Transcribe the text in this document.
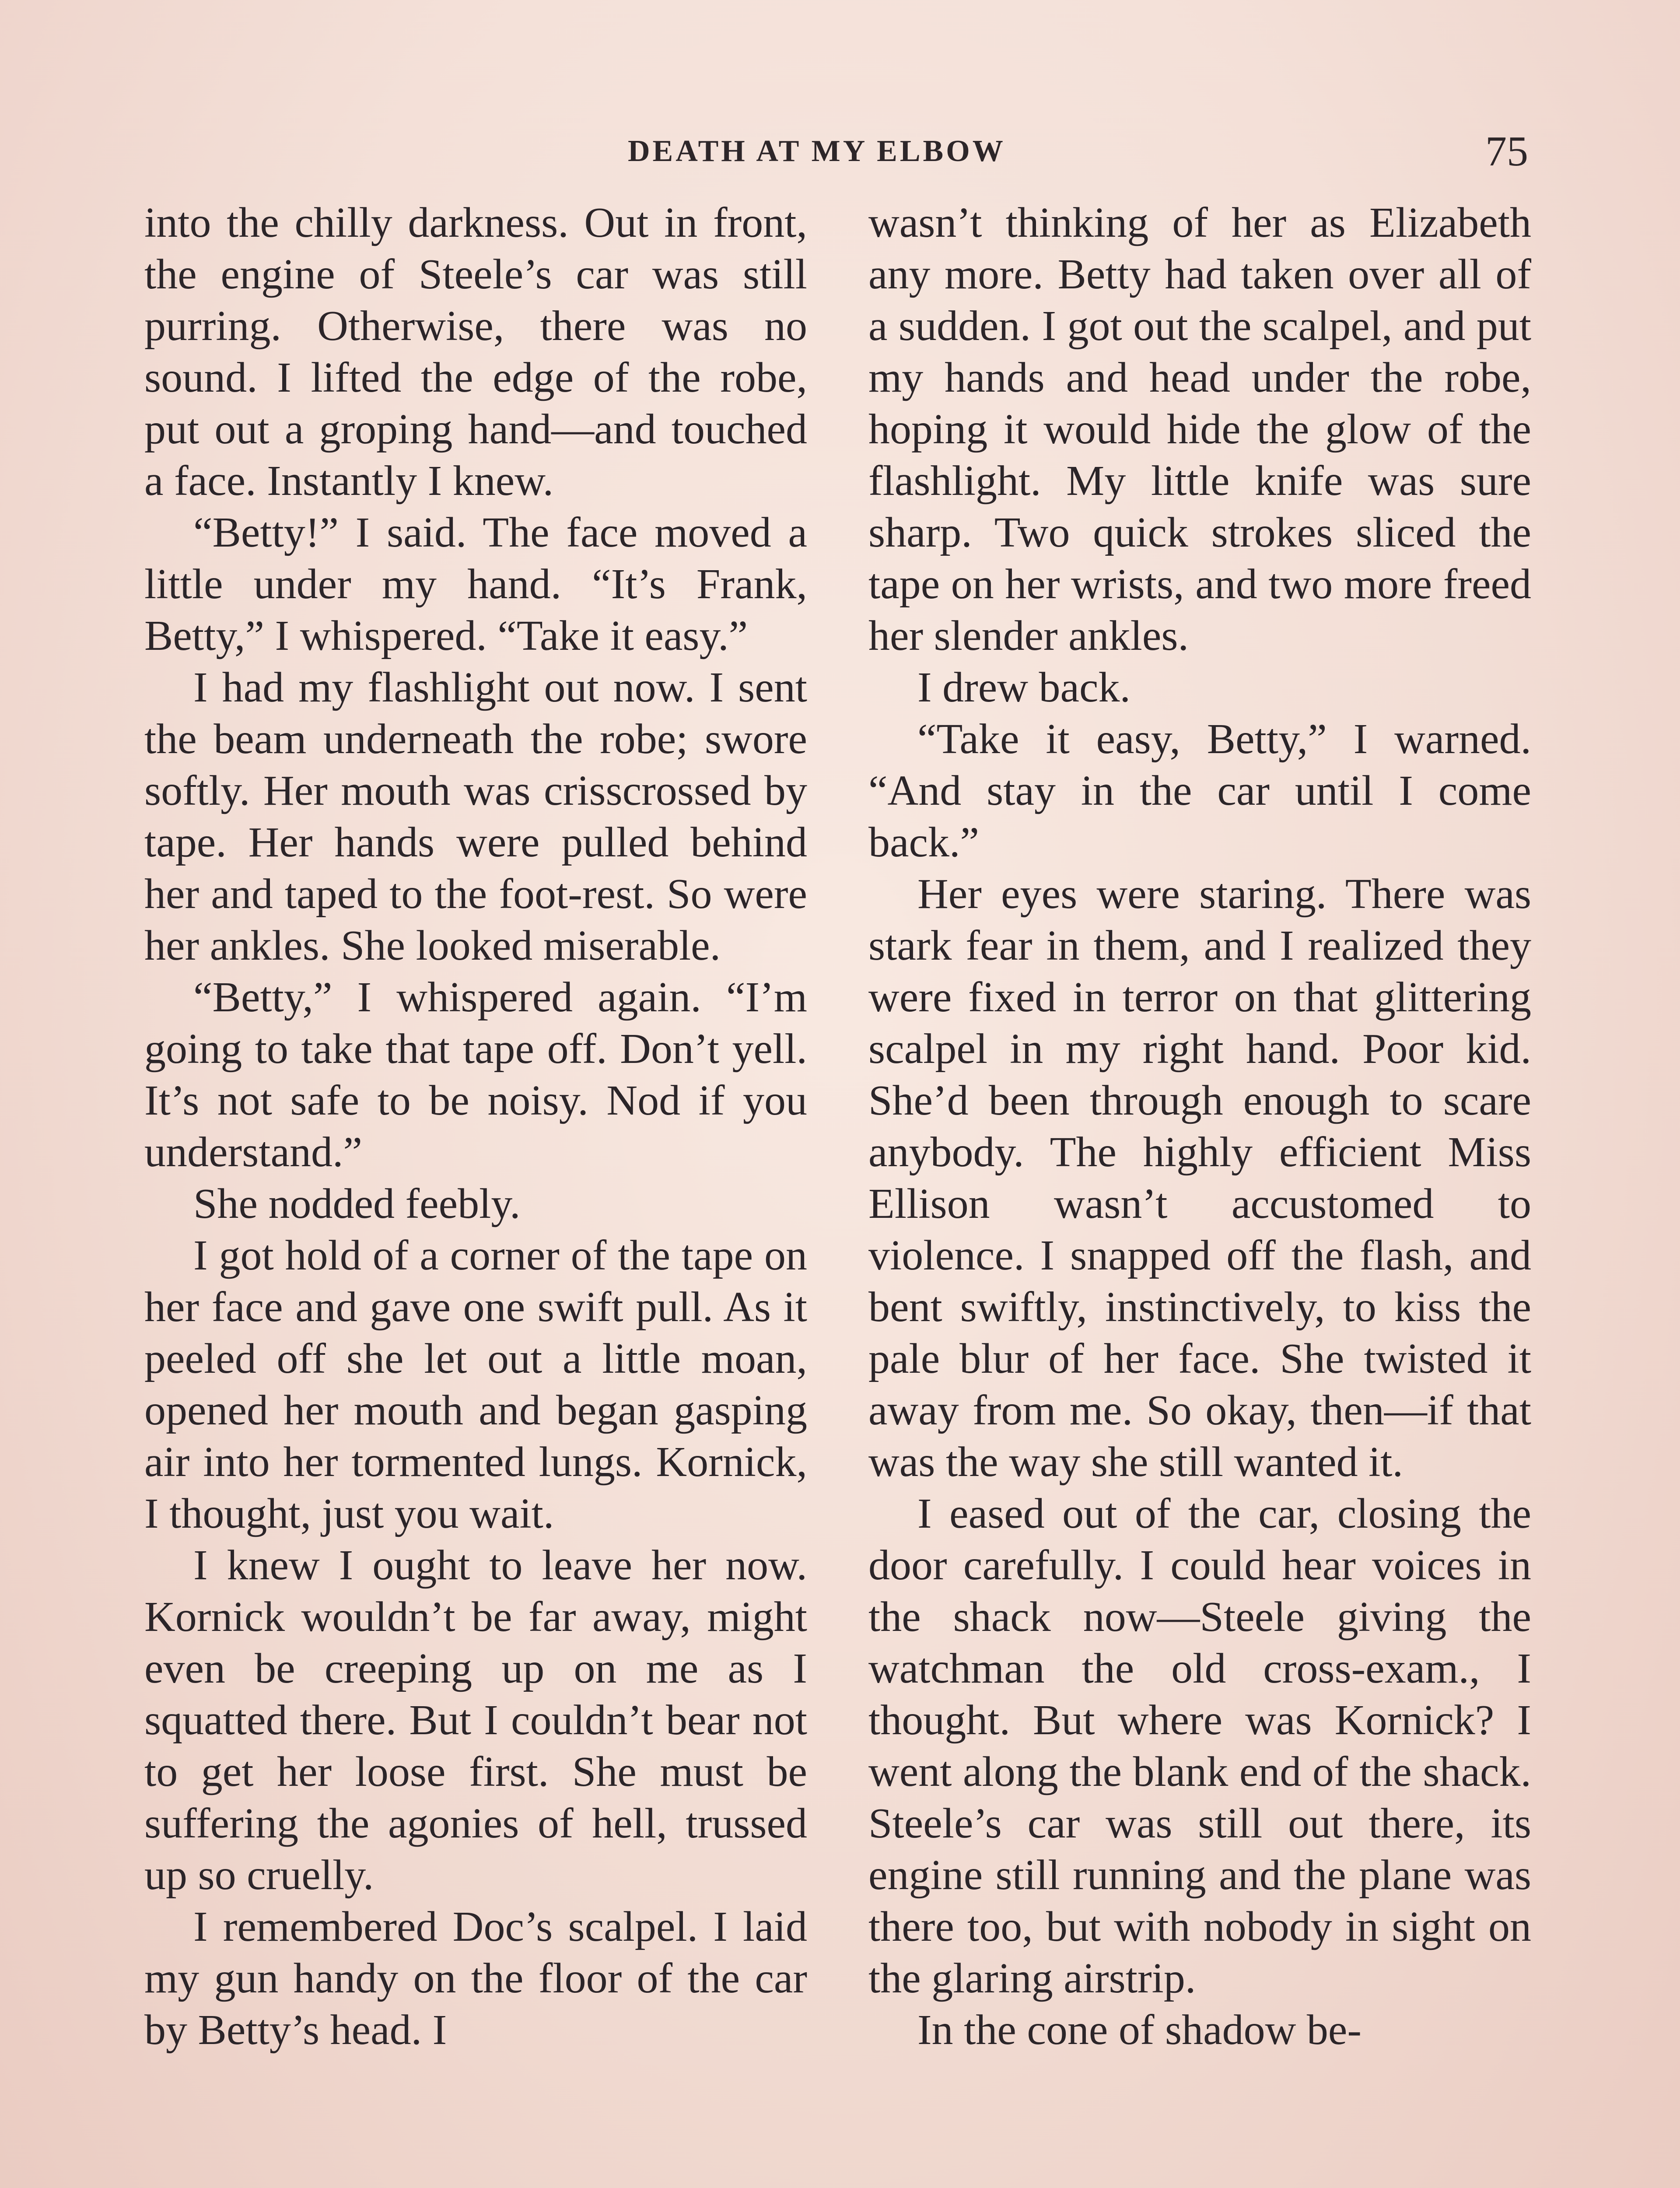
DEATH AT MY ELBOW	75

into the chilly darkness. Out in front, the engine of Steele’s car was still purring. Otherwise, there was no sound. I lifted the edge of the robe, put out a groping hand—and touched a face. Instantly I knew.

“Betty!” I said. The face moved a little under my hand. “It’s Frank, Betty,” I whispered. “Take it easy.”

I had my flashlight out now. I sent the beam underneath the robe; swore softly. Her mouth was crisscrossed by tape. Her hands were pulled behind her and taped to the foot-rest. So were her ankles. She looked miserable.

“Betty,” I whispered again. “I’m going to take that tape off. Don’t yell. It’s not safe to be noisy. Nod if you understand.”

She nodded feebly.

I got hold of a corner of the tape on her face and gave one swift pull. As it peeled off she let out a little moan, opened her mouth and began gasping air into her tormented lungs. Kornick, I thought, just you wait.

I knew I ought to leave her now. Kornick wouldn’t be far away, might even be creeping up on me as I squatted there. But I couldn’t bear not to get her loose first. She must be suffering the agonies of hell, trussed up so cruelly.

I remembered Doc’s scalpel. I laid my gun handy on the floor of the car by Betty’s head. I

wasn’t thinking of her as Elizabeth any more. Betty had taken over all of a sudden. I got out the scalpel, and put my hands and head under the robe, hoping it would hide the glow of the flashlight. My little knife was sure sharp. Two quick strokes sliced the tape on her wrists, and two more freed her slender ankles.

I drew back.

“Take it easy, Betty,” I warned. “And stay in the car until I come back.”

Her eyes were staring. There was stark fear in them, and I realized they were fixed in terror on that glittering scalpel in my right hand. Poor kid. She’d been through enough to scare anybody. The highly efficient Miss Ellison wasn’t accustomed to violence. I snapped off the flash, and bent swiftly, instinctively, to kiss the pale blur of her face. She twisted it away from me. So okay, then—if that was the way she still wanted it.

I eased out of the car, closing the door carefully. I could hear voices in the shack now—Steele giving the watchman the old cross-exam., I thought. But where was Kornick? I went along the blank end of the shack. Steele’s car was still out there, its engine still running and the plane was there too, but with nobody in sight on the glaring airstrip.

In the cone of shadow be-
